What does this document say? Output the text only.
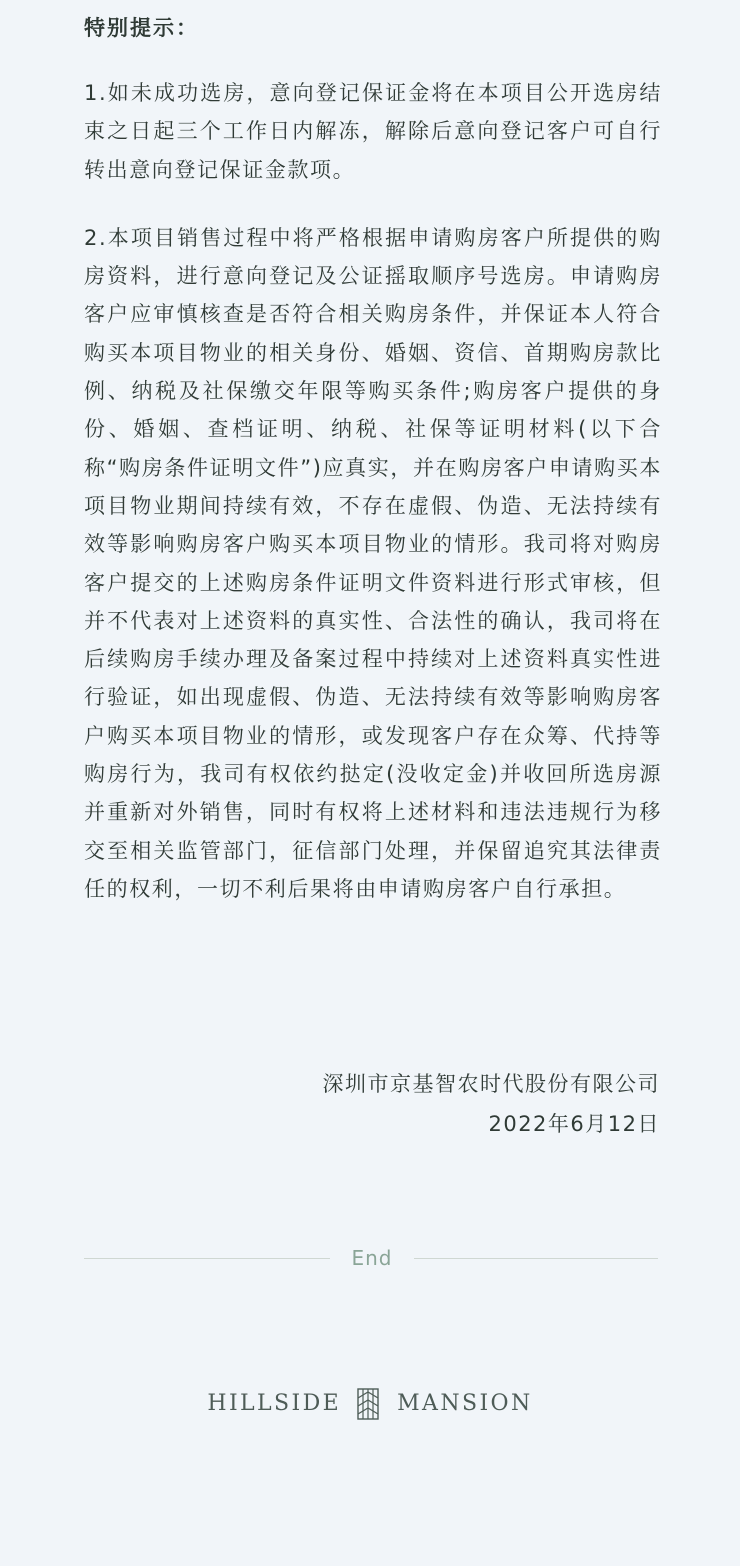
特别提示：

1.如未成功选房，意向登记保证金将在本项目公开选房结束之日起三个工作日内解冻，解除后意向登记客户可自行转出意向登记保证金款项。

2.本项目销售过程中将严格根据申请购房客户所提供的购房资料，进行意向登记及公证摇取顺序号选房。申请购房客户应审慎核查是否符合相关购房条件，并保证本人符合购买本项目物业的相关身份、婚姻、资信、首期购房款比例、纳税及社保缴交年限等购买条件;购房客户提供的身份、婚姻、查档证明、纳税、社保等证明材料(以下合称“购房条件证明文件”)应真实，并在购房客户申请购买本项目物业期间持续有效，不存在虚假、伪造、无法持续有效等影响购房客户购买本项目物业的情形。我司将对购房客户提交的上述购房条件证明文件资料进行形式审核，但并不代表对上述资料的真实性、合法性的确认，我司将在后续购房手续办理及备案过程中持续对上述资料真实性进行验证，如出现虚假、伪造、无法持续有效等影响购房客户购买本项目物业的情形，或发现客户存在众筹、代持等购房行为，我司有权依约挞定(没收定金)并收回所选房源并重新对外销售，同时有权将上述材料和违法违规行为移交至相关监管部门，征信部门处理，并保留追究其法律责任的权利，一切不利后果将由申请购房客户自行承担。

深圳市京基智农时代股份有限公司
2022年6月12日
End
HILLSIDE	MANSION
